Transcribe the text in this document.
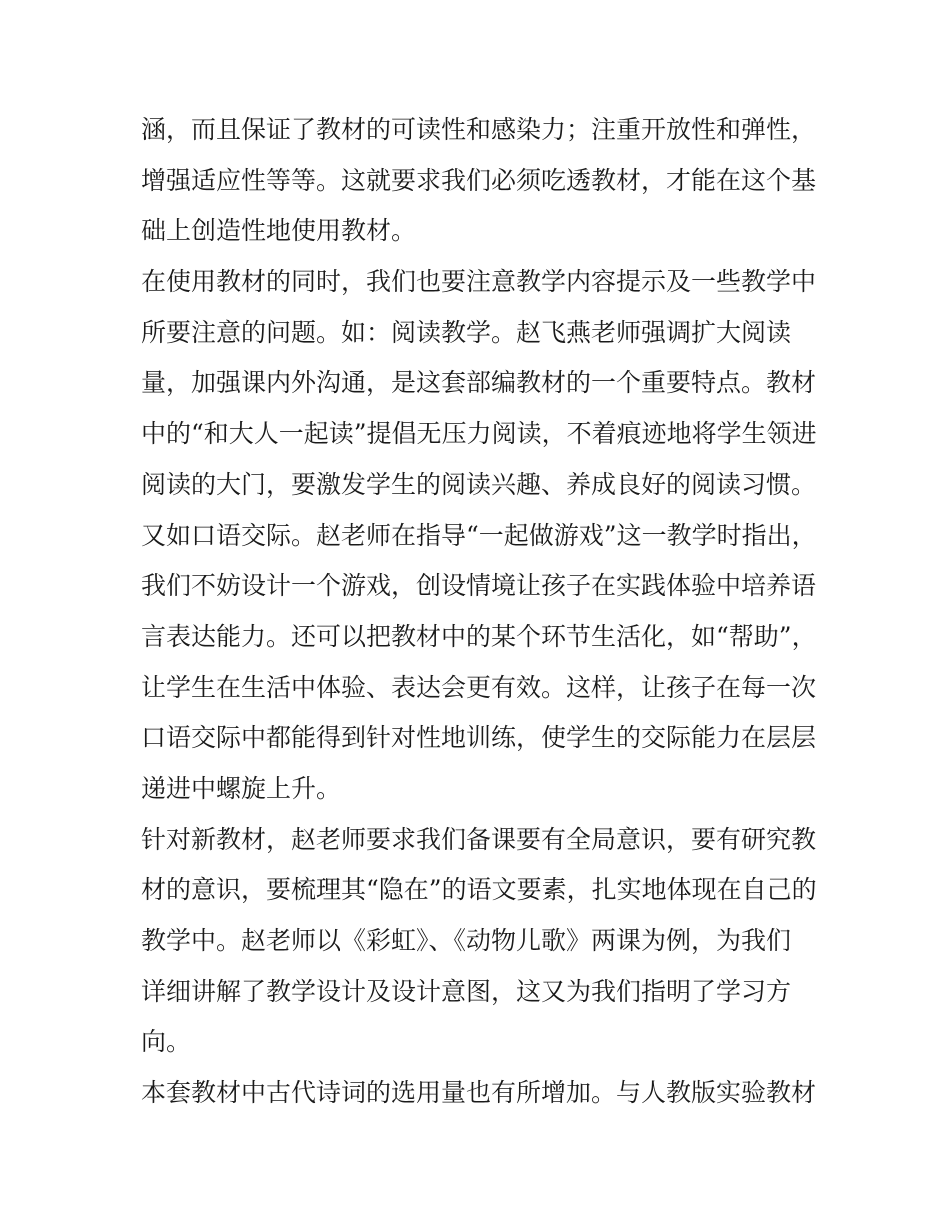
涵，而且保证了教材的可读性和感染力；注重开放性和弹性，
增强适应性等等。这就要求我们必须吃透教材，才能在这个基
础上创造性地使用教材。
在使用教材的同时，我们也要注意教学内容提示及一些教学中
所要注意的问题。如：阅读教学。赵飞燕老师强调扩大阅读
量，加强课内外沟通，是这套部编教材的一个重要特点。教材
中的“和大人一起读”提倡无压力阅读，不着痕迹地将学生领进
阅读的大门，要激发学生的阅读兴趣、养成良好的阅读习惯。
又如口语交际。赵老师在指导“一起做游戏”这一教学时指出，
我们不妨设计一个游戏，创设情境让孩子在实践体验中培养语
言表达能力。还可以把教材中的某个环节生活化，如“帮助”，
让学生在生活中体验、表达会更有效。这样，让孩子在每一次
口语交际中都能得到针对性地训练，使学生的交际能力在层层
递进中螺旋上升。
针对新教材，赵老师要求我们备课要有全局意识，要有研究教
材的意识，要梳理其“隐在”的语文要素，扎实地体现在自己的
教学中。赵老师以《彩虹》、《动物儿歌》两课为例，为我们
详细讲解了教学设计及设计意图，这又为我们指明了学习方
向。
本套教材中古代诗词的选用量也有所增加。与人教版实验教材
